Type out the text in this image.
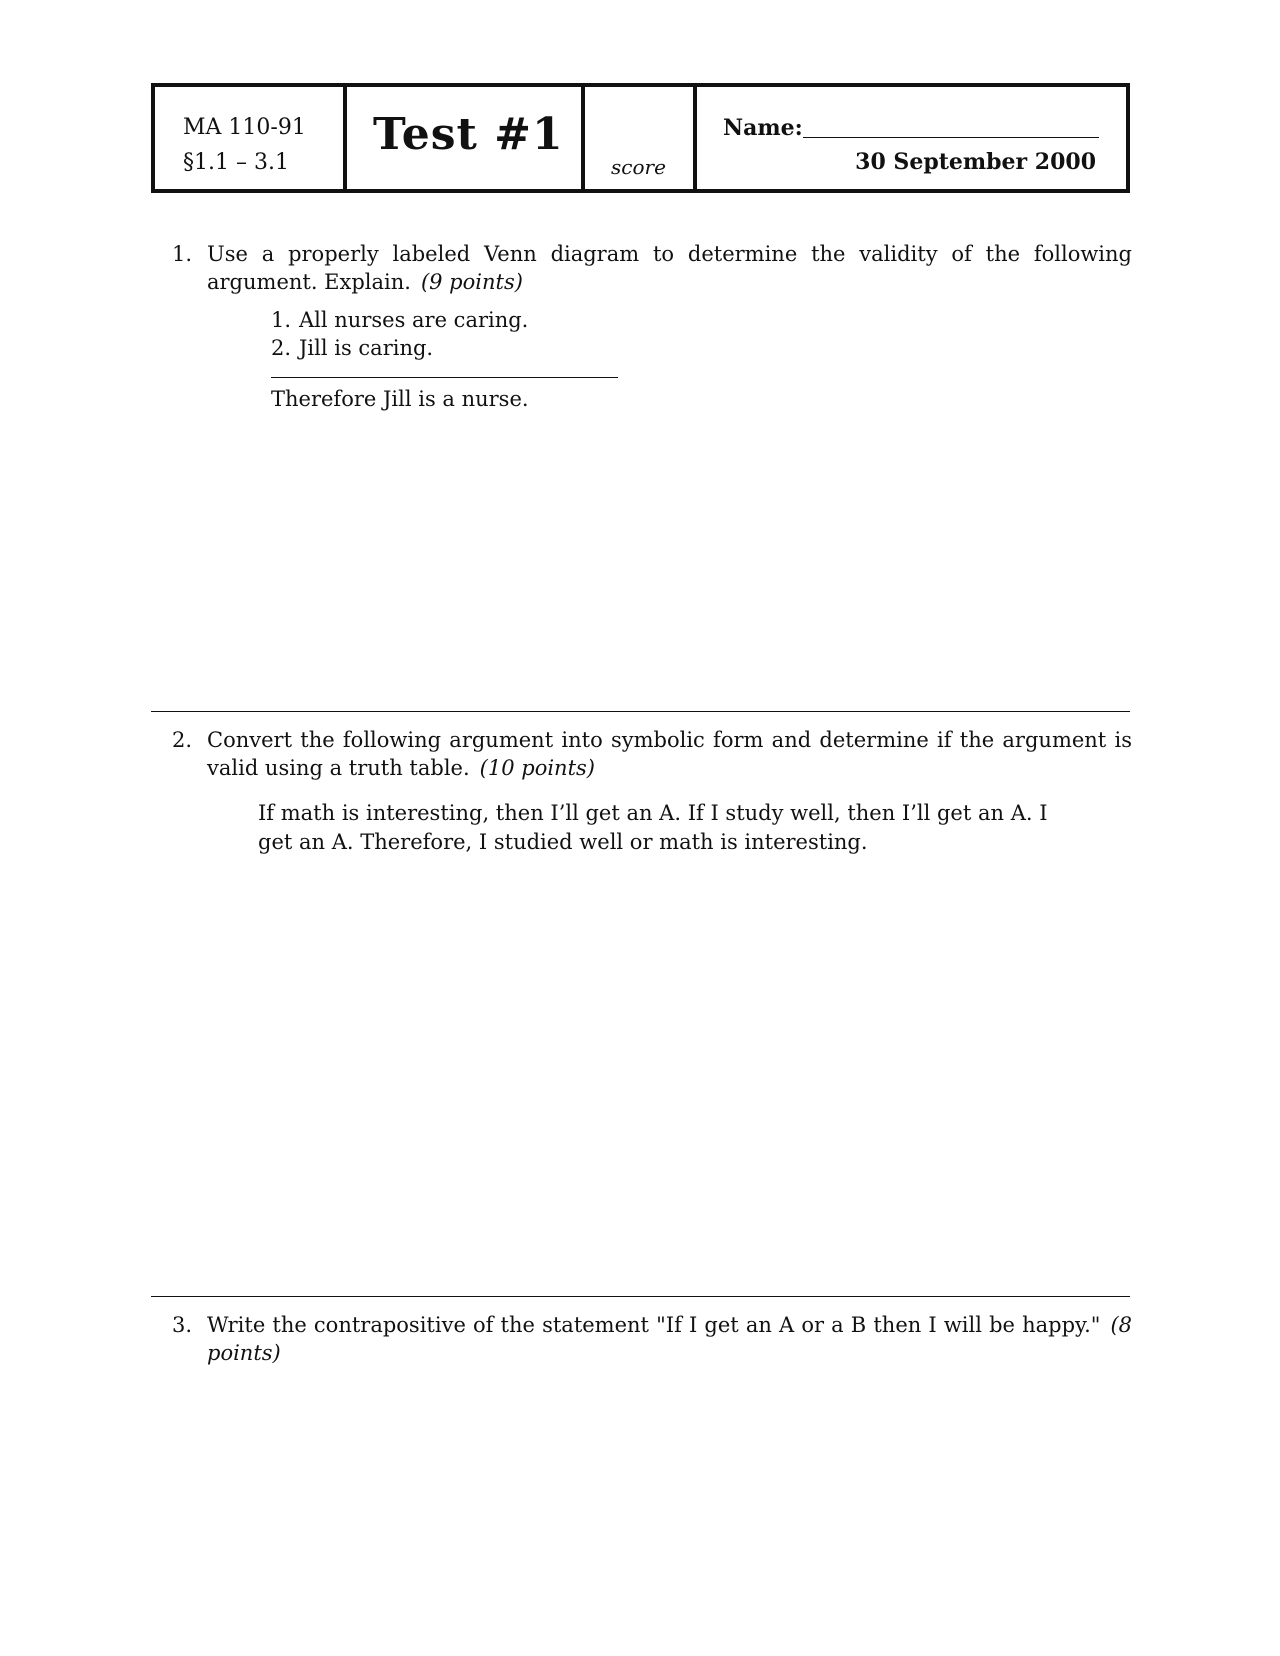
MA 110-91
§1.1 – 3.1
Test #1
score
Name:
30 September 2000
1. Use a properly labeled Venn diagram to determine the validity of the following argument. Explain. (9 points)
1. All nurses are caring.
2. Jill is caring.
Therefore Jill is a nurse.
2. Convert the following argument into symbolic form and determine if the argument is valid using a truth table. (10 points)
If math is interesting, then I’ll get an A. If I study well, then I’ll get an A. I get an A. Therefore, I studied well or math is interesting.
3. Write the contrapositive of the statement "If I get an A or a B then I will be happy." (8 points)
